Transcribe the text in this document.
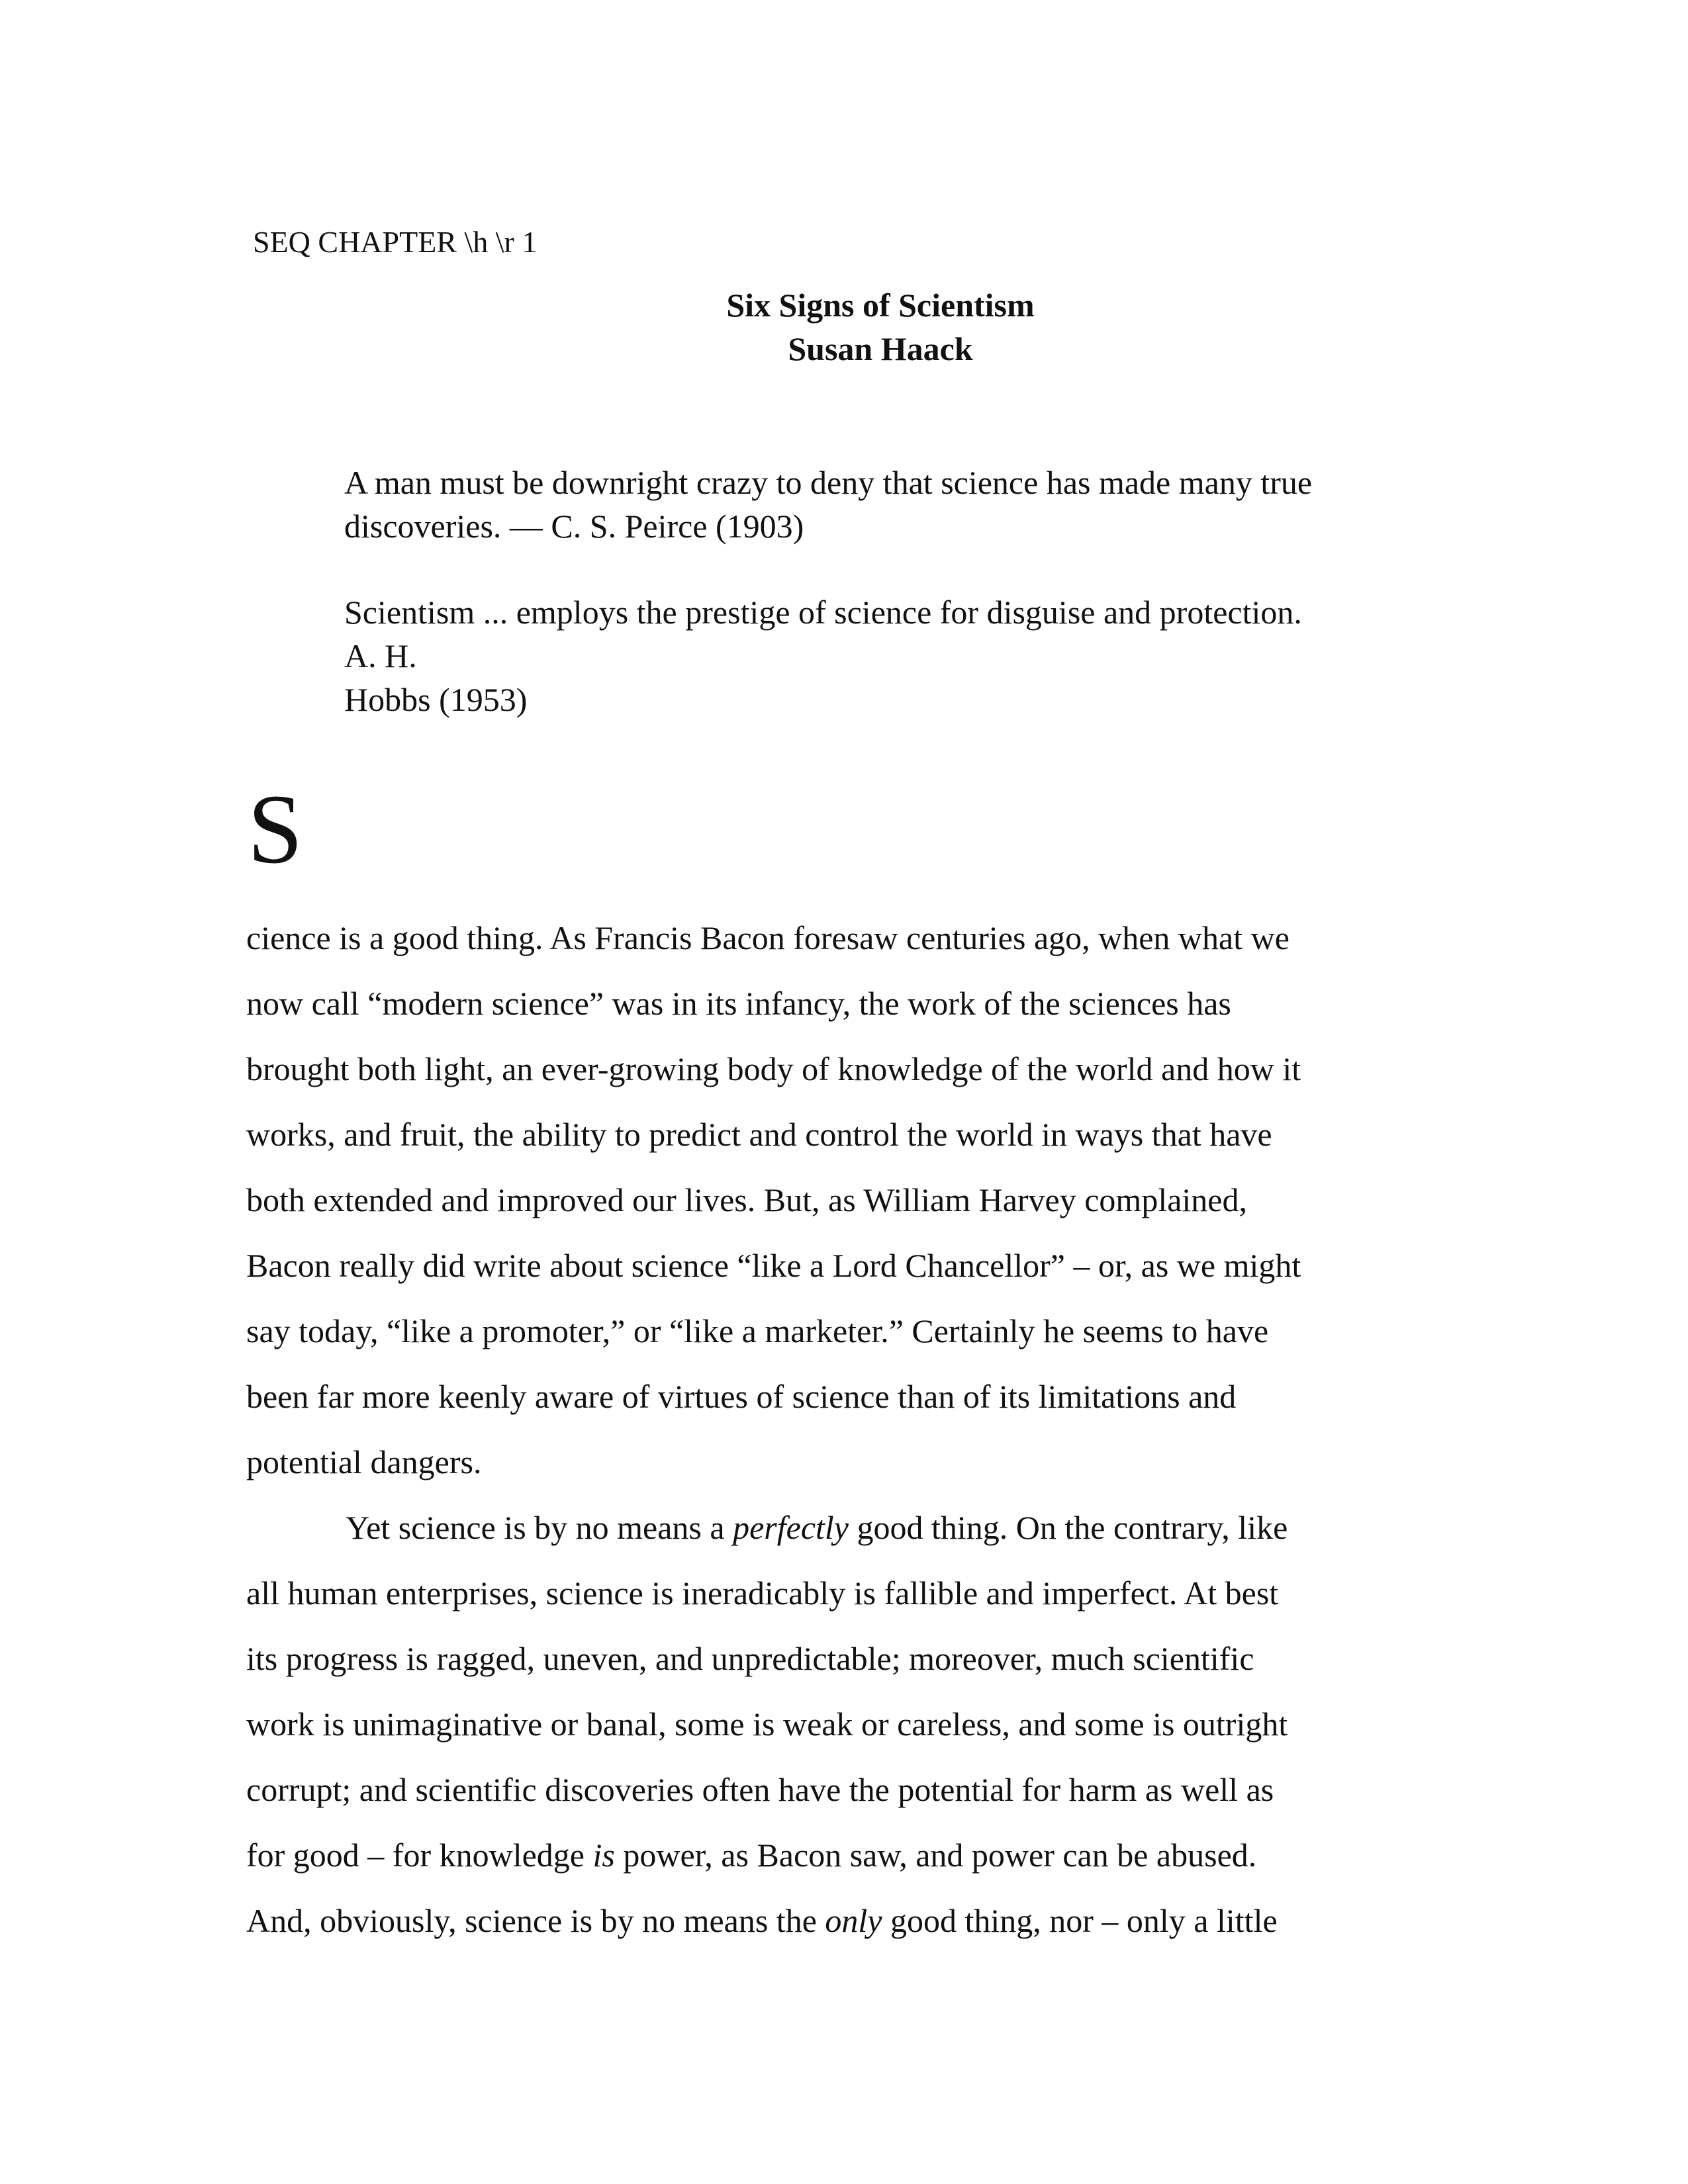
SEQ CHAPTER \h \r 1
Six Signs of Scientism
Susan Haack
A man must be downright crazy to deny that science has made many true
discoveries. — C. S. Peirce (1903)
Scientism ... employs the prestige of science for disguise and protection.
A. H.
Hobbs (1953)
S
cience is a good thing. As Francis Bacon foresaw centuries ago, when what we
now call “modern science” was in its infancy, the work of the sciences has
brought both light, an ever-growing body of knowledge of the world and how it
works, and fruit, the ability to predict and control the world in ways that have
both extended and improved our lives. But, as William Harvey complained,
Bacon really did write about science “like a Lord Chancellor” – or, as we might
say today, “like a promoter,” or “like a marketer.” Certainly he seems to have
been far more keenly aware of virtues of science than of its limitations and
potential dangers.
Yet science is by no means a perfectly good thing. On the contrary, like
all human enterprises, science is ineradicably is fallible and imperfect. At best
its progress is ragged, uneven, and unpredictable; moreover, much scientific
work is unimaginative or banal, some is weak or careless, and some is outright
corrupt; and scientific discoveries often have the potential for harm as well as
for good – for knowledge is power, as Bacon saw, and power can be abused.
And, obviously, science is by no means the only good thing, nor – only a little
